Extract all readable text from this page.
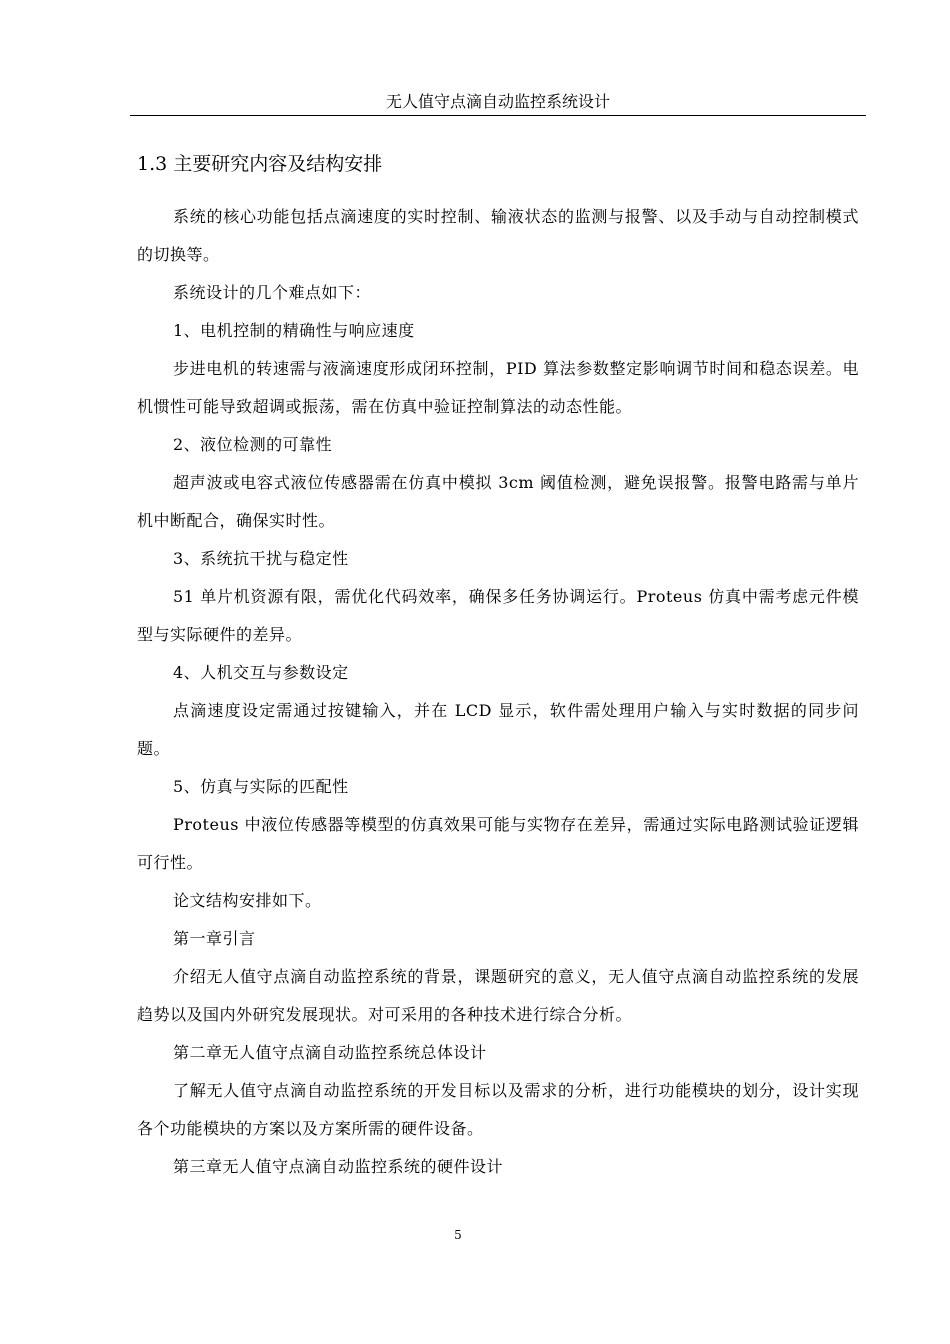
无人值守点滴自动监控系统设计
1.3 主要研究内容及结构安排

系统的核心功能包括点滴速度的实时控制、输液状态的监测与报警、以及手动与自动控制模式的切换等。

系统设计的几个难点如下：

1、电机控制的精确性与响应速度

步进电机的转速需与液滴速度形成闭环控制，PID 算法参数整定影响调节时间和稳态误差。电机惯性可能导致超调或振荡，需在仿真中验证控制算法的动态性能。

2、液位检测的可靠性

超声波或电容式液位传感器需在仿真中模拟 3cm 阈值检测，避免误报警。报警电路需与单片机中断配合，确保实时性。

3、系统抗干扰与稳定性

51 单片机资源有限，需优化代码效率，确保多任务协调运行。Proteus 仿真中需考虑元件模型与实际硬件的差异。

4、人机交互与参数设定

点滴速度设定需通过按键输入，并在 LCD 显示，软件需处理用户输入与实时数据的同步问题。

5、仿真与实际的匹配性

Proteus 中液位传感器等模型的仿真效果可能与实物存在差异，需通过实际电路测试验证逻辑可行性。

论文结构安排如下。

第一章引言

介绍无人值守点滴自动监控系统的背景，课题研究的意义，无人值守点滴自动监控系统的发展趋势以及国内外研究发展现状。对可采用的各种技术进行综合分析。

第二章无人值守点滴自动监控系统总体设计

了解无人值守点滴自动监控系统的开发目标以及需求的分析，进行功能模块的划分，设计实现各个功能模块的方案以及方案所需的硬件设备。

第三章无人值守点滴自动监控系统的硬件设计

5
